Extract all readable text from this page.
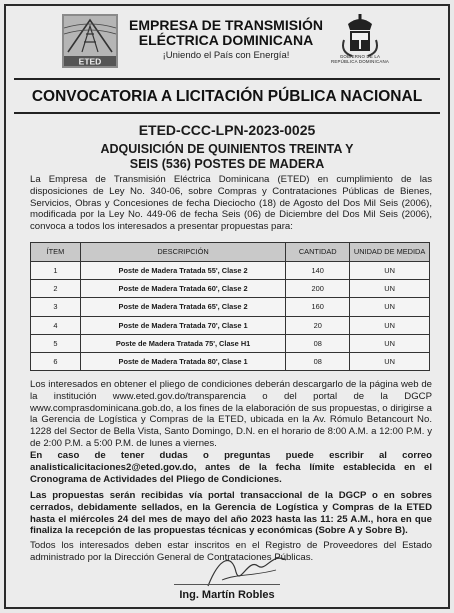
ETED
EMPRESA DE TRANSMISIÓN
ELÉCTRICA DOMINICANA
¡Uniendo el País con Energía!	GOBIERNO DE LA
REPÚBLICA DOMINICANA
CONVOCATORIA A LICITACIÓN PÚBLICA NACIONAL
ETED-CCC-LPN-2023-0025
ADQUISICIÓN DE QUINIENTOS TREINTA Y
SEIS (536) POSTES DE MADERA

La Empresa de Transmisión Eléctrica Dominicana (ETED) en cumplimiento de las disposiciones de Ley No. 340-06, sobre Compras y Contrataciones Públicas de Bienes, Servicios, Obras y Concesiones de fecha Dieciocho (18) de Agosto del Dos Mil Seis (2006), modificada por la Ley No. 449-06 de fecha Seis (06) de Diciembre del Dos Mil Seis (2006), convoca a todos los interesados a presentar propuestas para:

ÍTEM	DESCRIPCIÓN	CANTIDAD	UNIDAD DE MEDIDA
1	Poste de Madera Tratada 55', Clase 2	140	UN
2	Poste de Madera Tratada 60', Clase 2	200	UN
3	Poste de Madera Tratada 65', Clase 2	160	UN
4	Poste de Madera Tratada 70', Clase 1	20	UN
5	Poste de Madera Tratada 75', Clase H1	08	UN
6	Poste de Madera Tratada 80', Clase 1	08	UN

Los interesados en obtener el pliego de condiciones deberán descargarlo de la página web de la institución www.eted.gov.do/transparencia o del portal de la DGCP www.comprasdominicana.gob.do, a los fines de la elaboración de sus propuestas, o dirigirse a la Gerencia de Logística y Compras de la ETED, ubicada en la Av. Rómulo Betancourt No. 1228 del Sector de Bella Vista, Santo Domingo, D.N. en el horario de 8:00 A.M. a 12:00 P.M. y de 2:00 P.M. a 5:00 P.M. de lunes a viernes.

En caso de tener dudas o preguntas puede escribir al correo analisticalicitaciones2@eted.gov.do, antes de la fecha límite establecida en el Cronograma de Actividades del Pliego de Condiciones.

Las propuestas serán recibidas vía portal transaccional de la DGCP o en sobres cerrados, debidamente sellados, en la Gerencia de Logística y Compras de la ETED hasta el miércoles 24 del mes de mayo del año 2023 hasta las 11: 25 A.M., hora en que finaliza la recepción de las propuestas técnicas y económicas (Sobre A y Sobre B).

Todos los interesados deben estar inscritos en el Registro de Proveedores del Estado administrado por la Dirección General de Contrataciones Públicas.

Ing. Martín Robles
